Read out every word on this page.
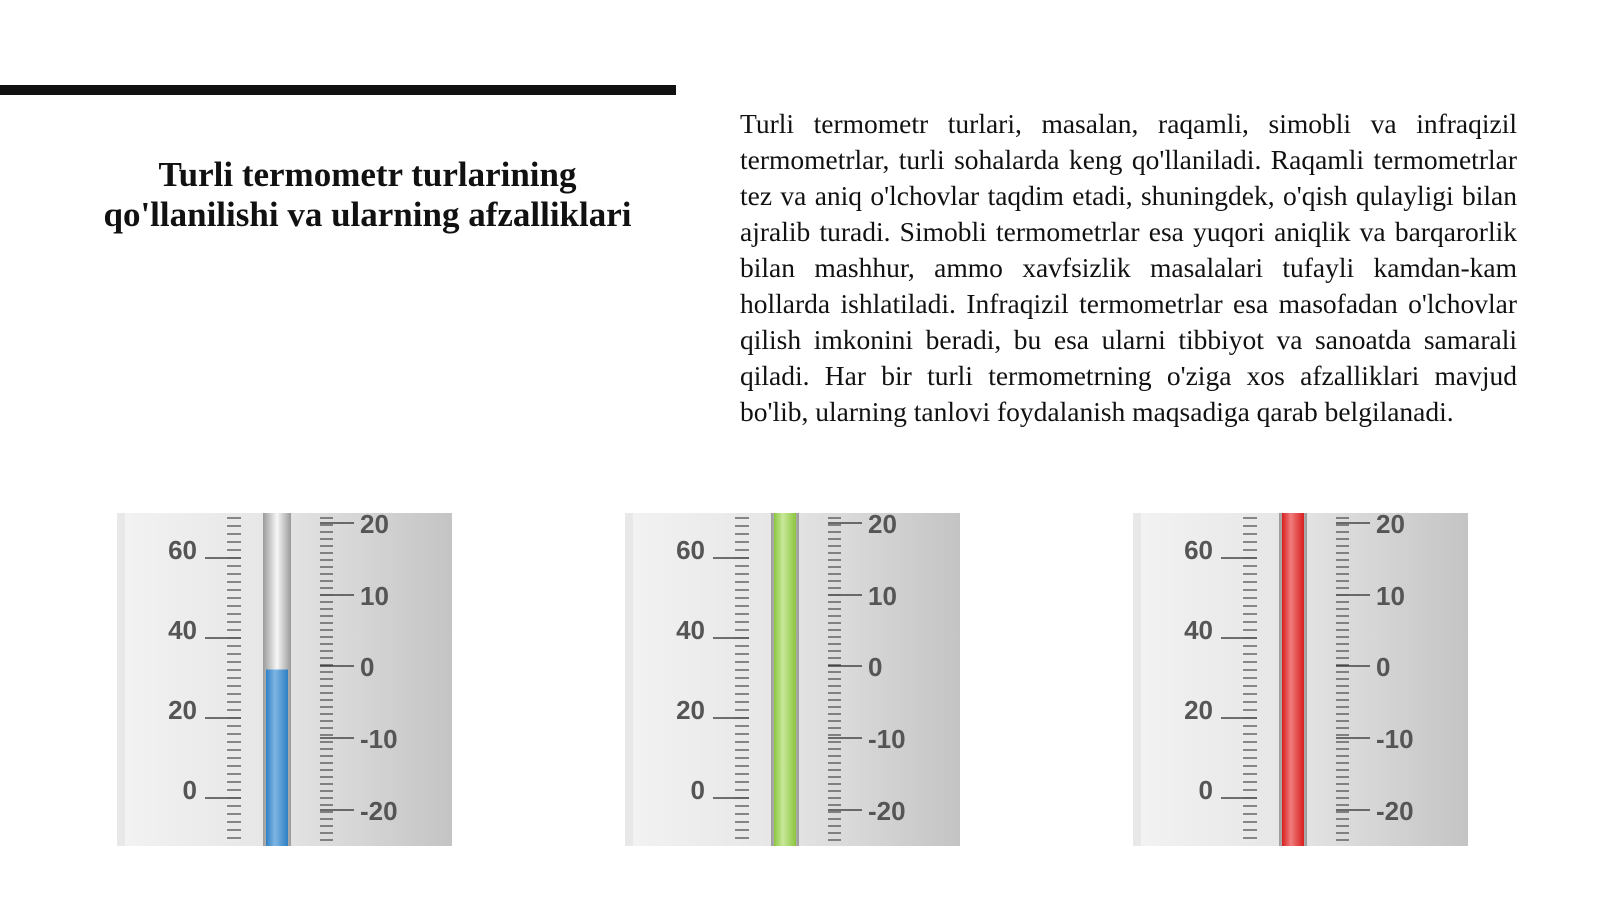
Turli termometr turlarining
qo'llanilishi va ularning afzalliklari

Turli termometr turlari, masalan, raqamli, simobli va infraqizil termometrlar, turli sohalarda keng qo'llaniladi. Raqamli termometrlar tez va aniq o'lchovlar taqdim etadi, shuningdek, o'qish qulayligi bilan ajralib turadi. Simobli termometrlar esa yuqori aniqlik va barqarorlik bilan mashhur, ammo xavfsizlik masalalari tufayli kamdan-kam hollarda ishlatiladi. Infraqizil termometrlar esa masofadan o'lchovlar qilish imkonini beradi, bu esa ularni tibbiyot va sanoatda samarali qiladi. Har bir turli termometrning o'ziga xos afzalliklari mavjud bo'lib, ularning tanlovi foydalanish maqsadiga qarab belgilanadi.

60
40
20
0
20
10
0
-10
-20
60
40
20
0
20
10
0
-10
-20
60
40
20
0
20
10
0
-10
-20
